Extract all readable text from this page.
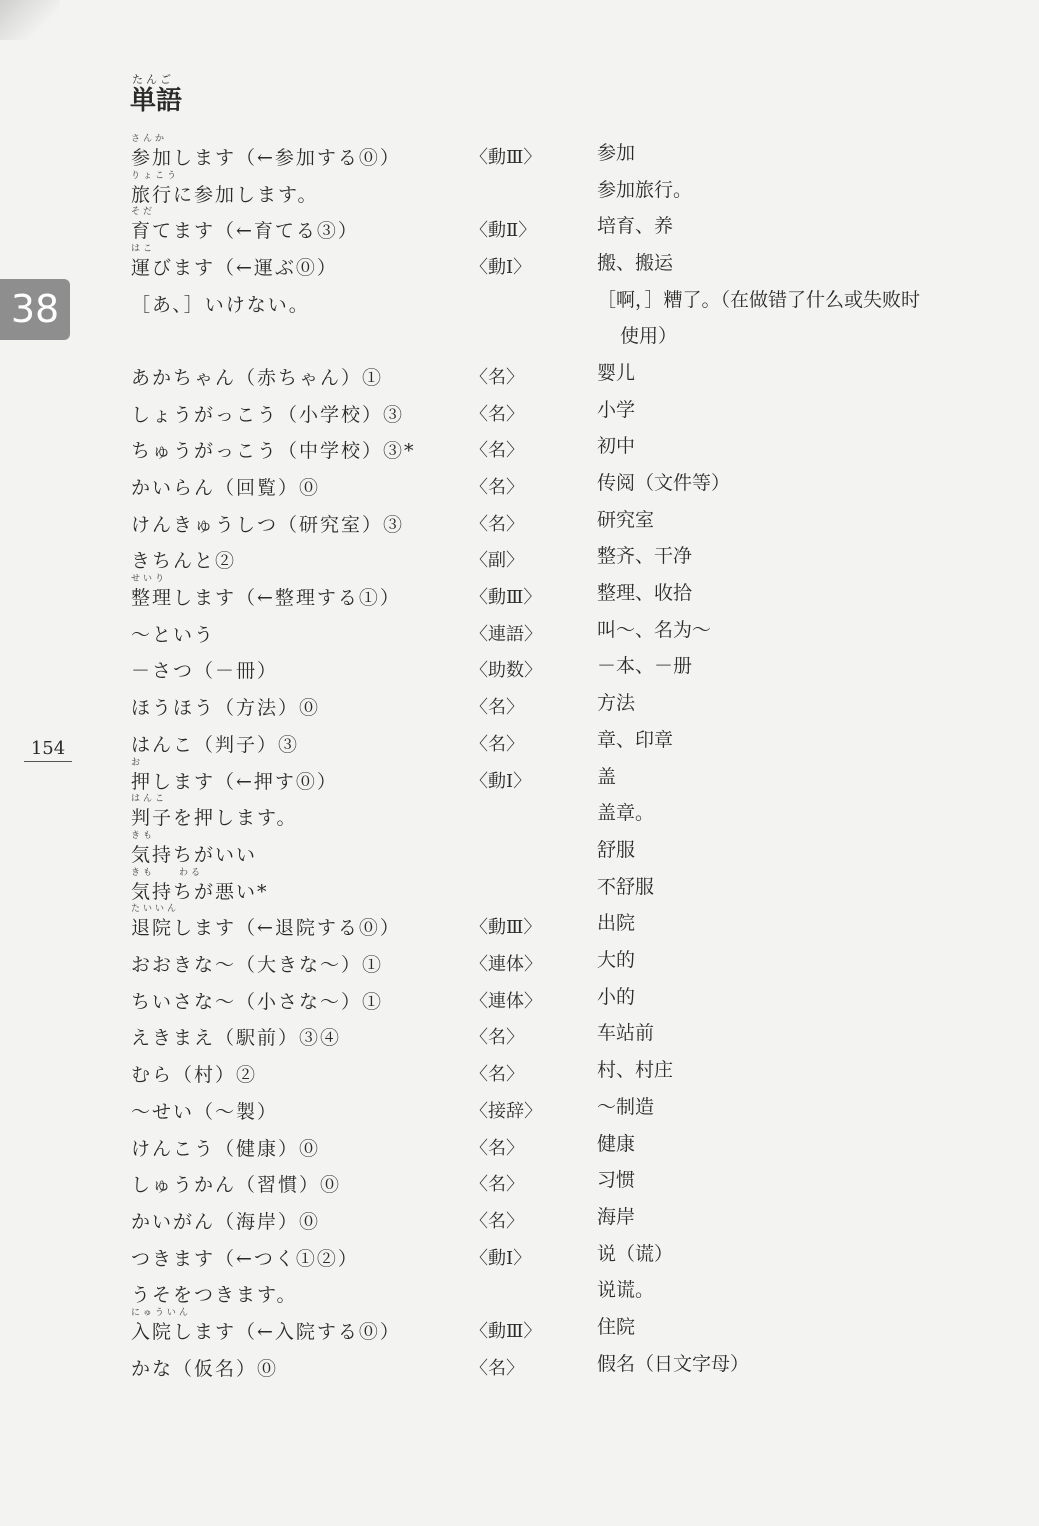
38
154
たんご
単語
さんか
参加します（←参加する⓪）	〈動Ⅲ〉	参加
りょこう
旅行に参加します。	参加旅行。
そだ
育てます（←育てる③）	〈動Ⅱ〉	培育、养
はこ
運びます（←運ぶ⓪）	〈動Ⅰ〉	搬、搬运
［あ、］いけない。	［啊，］糟了。（在做错了什么或失败时
使用）
あかちゃん（赤ちゃん）①	〈名〉	婴儿
しょうがっこう（小学校）③	〈名〉	小学
ちゅうがっこう（中学校）③*	〈名〉	初中
かいらん（回覧）⓪	〈名〉	传阅（文件等）
けんきゅうしつ（研究室）③	〈名〉	研究室
きちんと②	〈副〉	整齐、干净
せいり
整理します（←整理する①）	〈動Ⅲ〉	整理、收拾
～という	〈連語〉	叫～、名为～
－さつ（－冊）	〈助数〉	－本、－册
ほうほう（方法）⓪	〈名〉	方法
はんこ（判子）③	〈名〉	章、印章
お
押します（←押す⓪）	〈動Ⅰ〉	盖
はんこ
判子を押します。	盖章。
きも
気持ちがいい	舒服
きも　　わる
気持ちが悪い*	不舒服
たいいん
退院します（←退院する⓪）	〈動Ⅲ〉	出院
おおきな～（大きな～）①	〈連体〉	大的
ちいさな～（小さな～）①	〈連体〉	小的
えきまえ（駅前）③④	〈名〉	车站前
むら（村）②	〈名〉	村、村庄
～せい（～製）	〈接辞〉	～制造
けんこう（健康）⓪	〈名〉	健康
しゅうかん（習慣）⓪	〈名〉	习惯
かいがん（海岸）⓪	〈名〉	海岸
つきます（←つく①②）	〈動Ⅰ〉	说（谎）
うそをつきます。	说谎。
にゅういん
入院します（←入院する⓪）	〈動Ⅲ〉	住院
かな（仮名）⓪	〈名〉	假名（日文字母）
